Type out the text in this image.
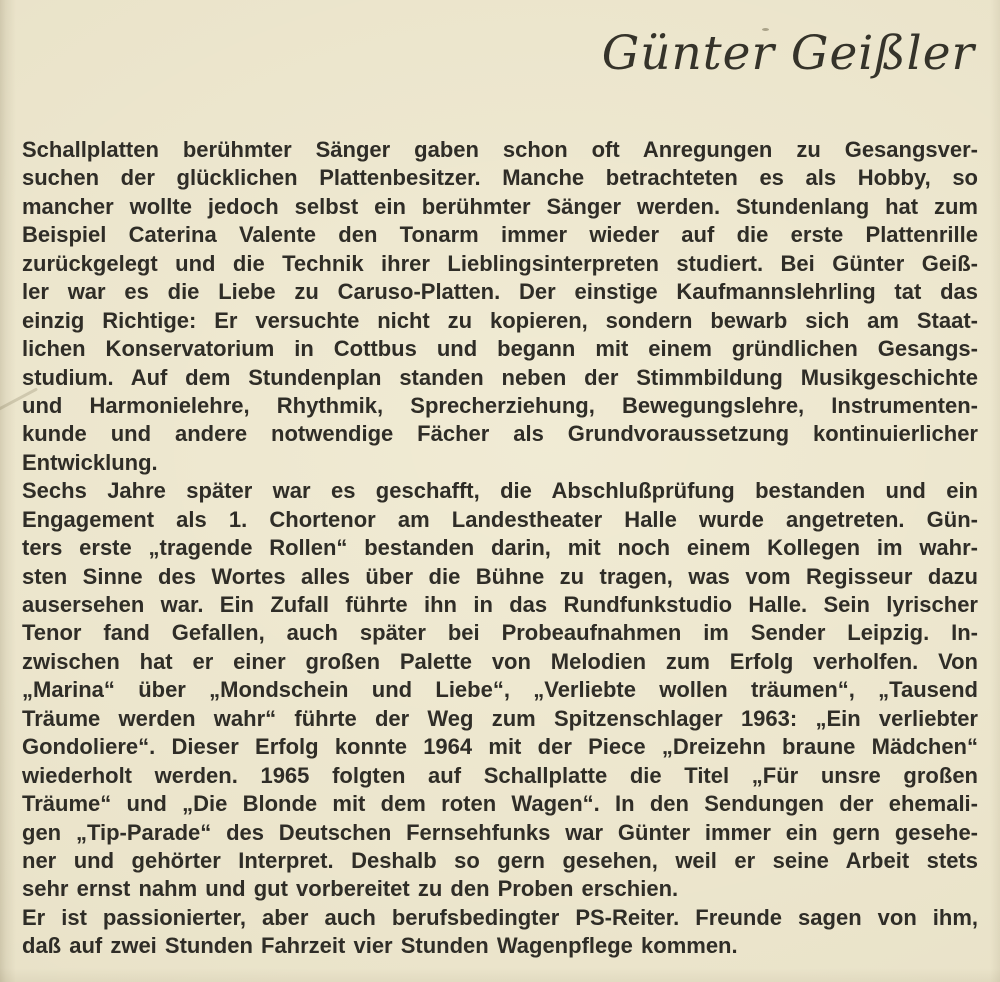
Günter Geißler
Schallplatten berühmter Sänger gaben schon oft Anregungen zu Gesangsver-
suchen der glücklichen Plattenbesitzer. Manche betrachteten es als Hobby, so
mancher wollte jedoch selbst ein berühmter Sänger werden. Stundenlang hat zum
Beispiel Caterina Valente den Tonarm immer wieder auf die erste Plattenrille
zurückgelegt und die Technik ihrer Lieblingsinterpreten studiert. Bei Günter Geiß-
ler war es die Liebe zu Caruso-Platten. Der einstige Kaufmannslehrling tat das
einzig Richtige: Er versuchte nicht zu kopieren, sondern bewarb sich am Staat-
lichen Konservatorium in Cottbus und begann mit einem gründlichen Gesangs-
studium. Auf dem Stundenplan standen neben der Stimmbildung Musikgeschichte
und Harmonielehre, Rhythmik, Sprecherziehung, Bewegungslehre, Instrumenten-
kunde und andere notwendige Fächer als Grundvoraussetzung kontinuierlicher
Entwicklung.
Sechs Jahre später war es geschafft, die Abschlußprüfung bestanden und ein
Engagement als 1. Chortenor am Landestheater Halle wurde angetreten. Gün-
ters erste „tragende Rollen“ bestanden darin, mit noch einem Kollegen im wahr-
sten Sinne des Wortes alles über die Bühne zu tragen, was vom Regisseur dazu
ausersehen war. Ein Zufall führte ihn in das Rundfunkstudio Halle. Sein lyrischer
Tenor fand Gefallen, auch später bei Probeaufnahmen im Sender Leipzig. In-
zwischen hat er einer großen Palette von Melodien zum Erfolg verholfen. Von
„Marina“ über „Mondschein und Liebe“, „Verliebte wollen träumen“, „Tausend
Träume werden wahr“ führte der Weg zum Spitzenschlager 1963: „Ein verliebter
Gondoliere“. Dieser Erfolg konnte 1964 mit der Piece „Dreizehn braune Mädchen“
wiederholt werden. 1965 folgten auf Schallplatte die Titel „Für unsre großen
Träume“ und „Die Blonde mit dem roten Wagen“. In den Sendungen der ehemali-
gen „Tip-Parade“ des Deutschen Fernsehfunks war Günter immer ein gern gesehe-
ner und gehörter Interpret. Deshalb so gern gesehen, weil er seine Arbeit stets
sehr ernst nahm und gut vorbereitet zu den Proben erschien.
Er ist passionierter, aber auch berufsbedingter PS-Reiter. Freunde sagen von ihm,
daß auf zwei Stunden Fahrzeit vier Stunden Wagenpflege kommen.
